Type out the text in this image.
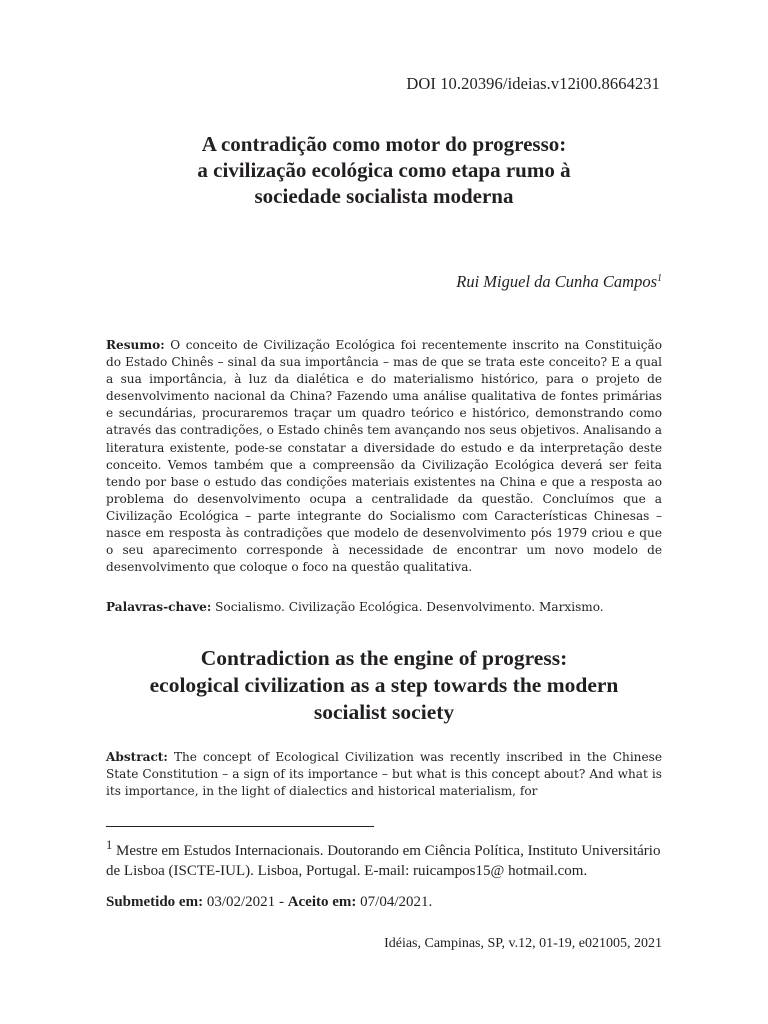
DOI 10.20396/ideias.v12i00.8664231
A contradição como motor do progresso:
a civilização ecológica como etapa rumo à
sociedade socialista moderna
Rui Miguel da Cunha Campos$^1$

Resumo: O conceito de Civilização Ecológica foi recentemente inscrito na Constituição do Estado Chinês – sinal da sua importância – mas de que se trata este conceito? E a qual a sua importância, à luz da dialética e do materialismo histórico, para o projeto de desenvolvimento nacional da China? Fazendo uma análise qualitativa de fontes primárias e secundárias, procuraremos traçar um quadro teórico e histórico, demonstrando como através das contradições, o Estado chinês tem avançando nos seus objetivos. Analisando a literatura existente, pode-se constatar a diversidade do estudo e da interpretação deste conceito. Vemos também que a compreensão da Civilização Ecológica deverá ser feita tendo por base o estudo das condições materiais existentes na China e que a resposta ao problema do desenvolvimento ocupa a centralidade da questão. Concluímos que a Civilização Ecológica – parte integrante do Socialismo com Características Chinesas – nasce em resposta às contradições que modelo de desenvolvimento pós 1979 criou e que o seu aparecimento corresponde à necessidade de encontrar um novo modelo de desenvolvimento que coloque o foco na questão qualitativa.

Palavras-chave: Socialismo. Civilização Ecológica. Desenvolvimento. Marxismo.

Contradiction as the engine of progress:
ecological civilization as a step towards the modern
socialist society

Abstract: The concept of Ecological Civilization was recently inscribed in the Chinese State Constitution – a sign of its importance – but what is this concept about? And what is its importance, in the light of dialectics and historical materialism, for

$^1$ Mestre em Estudos Internacionais. Doutorando em Ciência Política, Instituto Universitário de Lisboa (ISCTE-IUL). Lisboa, Portugal. E-mail: ruicampos15@ hotmail.com.

Submetido em: 03/02/2021 - Aceito em: 07/04/2021.

Idéias, Campinas, SP, v.12, 01-19, e021005, 2021
